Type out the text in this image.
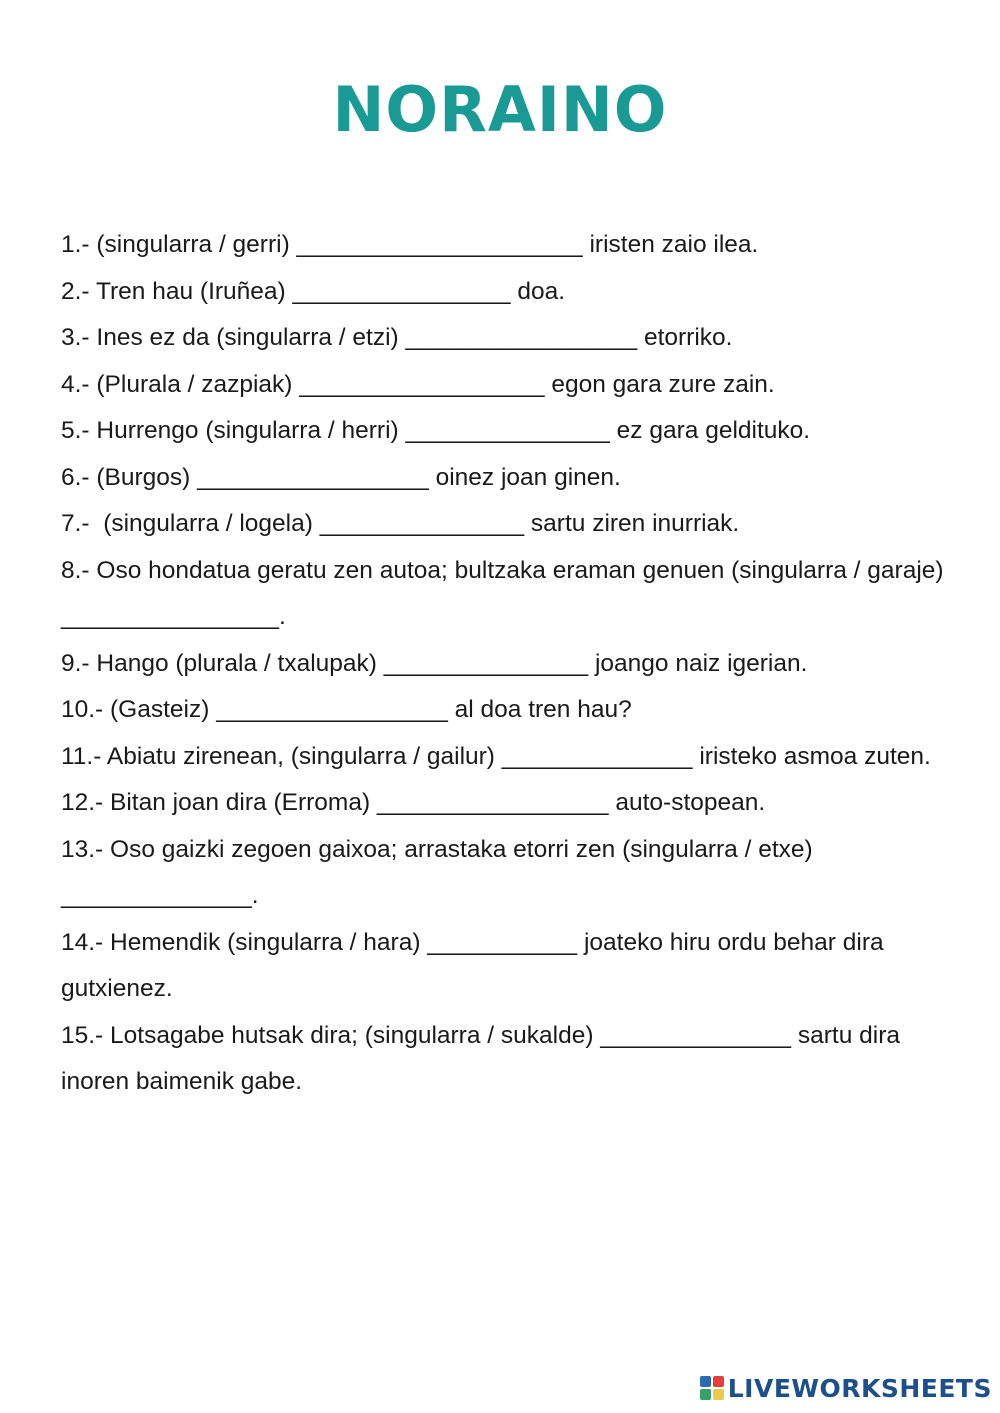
NORAINO
1.- (singularra / gerri) _____________________ iristen zaio ilea.
2.- Tren hau (Iruñea) ________________ doa.
3.- Ines ez da (singularra / etzi) _________________ etorriko.
4.- (Plurala / zazpiak) __________________ egon gara zure zain.
5.- Hurrengo (singularra / herri) _______________ ez gara geldituko.
6.- (Burgos) _________________ oinez joan ginen.
7.-  (singularra / logela) _______________ sartu ziren inurriak.
8.- Oso hondatua geratu zen autoa; bultzaka eraman genuen (singularra / garaje) ________________.
9.- Hango (plurala / txalupak) _______________ joango naiz igerian.
10.- (Gasteiz) _________________ al doa tren hau?
11.- Abiatu zirenean, (singularra / gailur) ______________ iristeko asmoa zuten.
12.- Bitan joan dira (Erroma) _________________ auto-stopean.
13.- Oso gaizki zegoen gaixoa; arrastaka etorri zen (singularra / etxe) ______________.
14.- Hemendik (singularra / hara) ___________ joateko hiru ordu behar dira gutxienez.
15.- Lotsagabe hutsak dira; (singularra / sukalde) ______________ sartu dira inoren baimenik gabe.
LIVEWORKSHEETS
